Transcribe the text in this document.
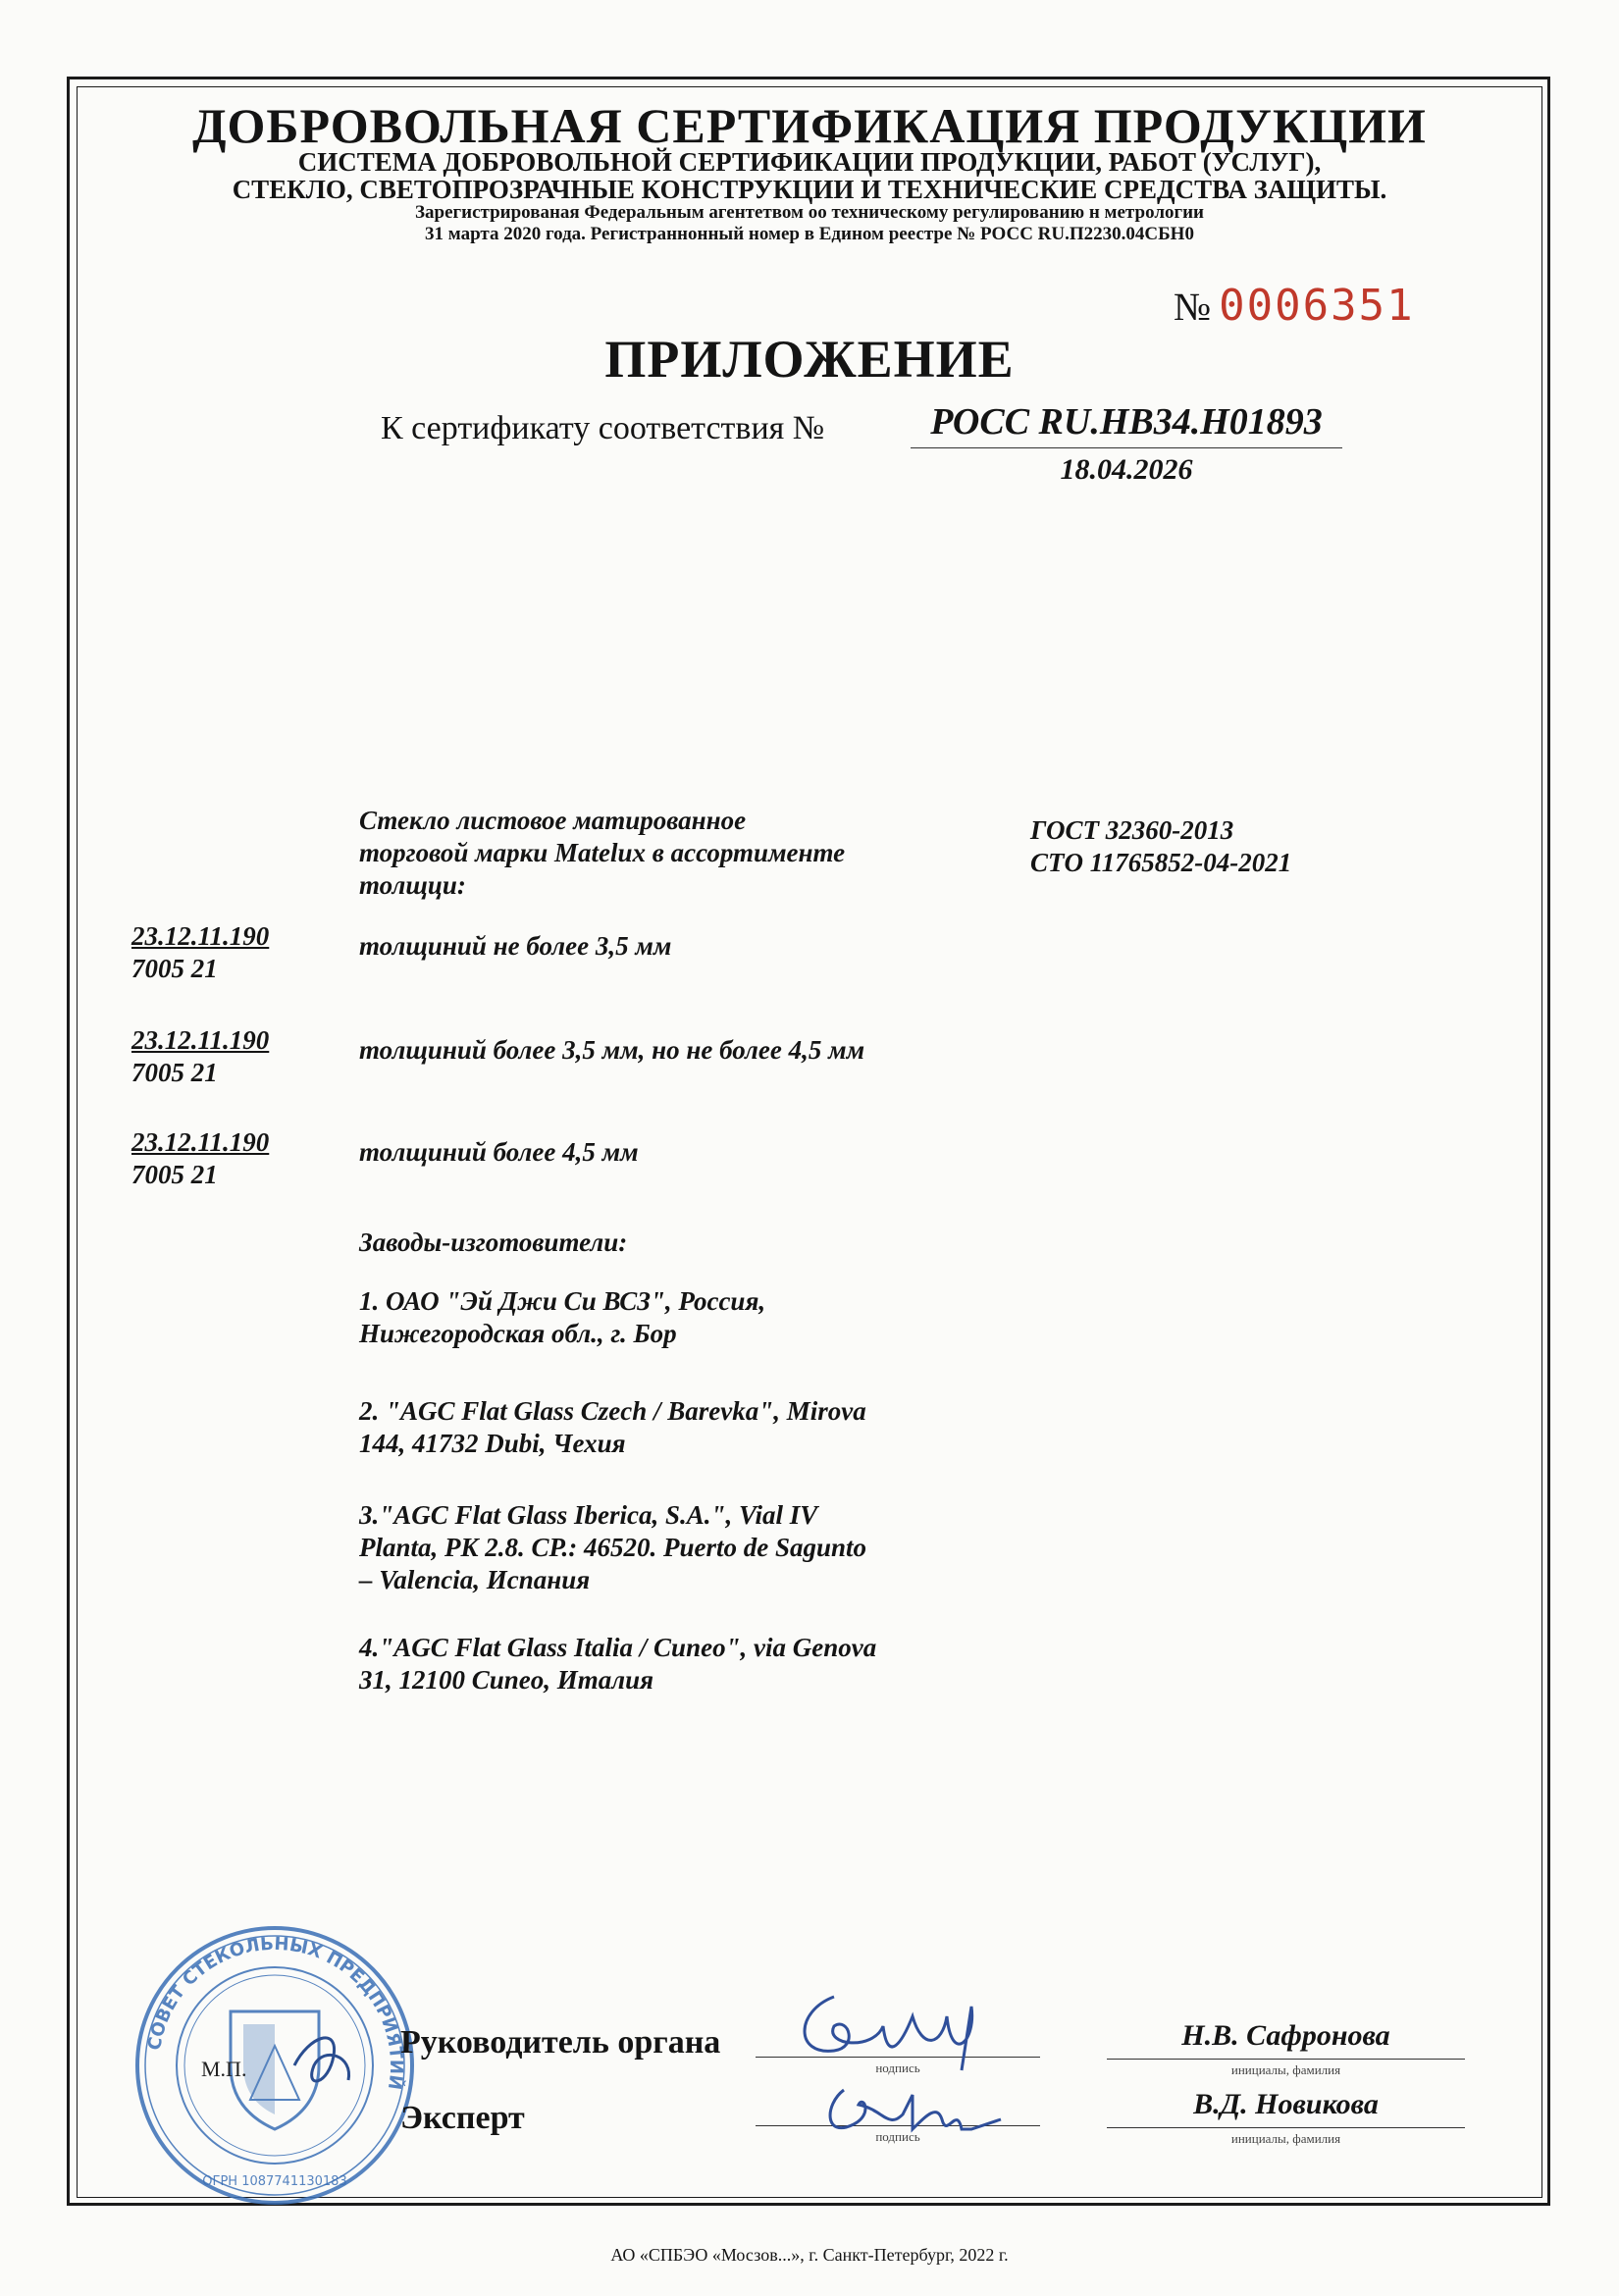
ДОБРОВОЛЬНАЯ СЕРТИФИКАЦИЯ ПРОДУКЦИИ
СИСТЕМА ДОБРОВОЛЬНОЙ СЕРТИФИКАЦИИ ПРОДУКЦИИ, РАБОТ (УСЛУГ),
СТЕКЛО, СВЕТОПРОЗРАЧНЫЕ КОНСТРУКЦИИ И ТЕХНИЧЕСКИЕ СРЕДСТВА ЗАЩИТЫ.
Зарегистрированая Федеральным агентетвом оо техническому регулированию н метрологии
31 марта 2020 года. Регистраннонный номер в Едином реестре № РОСС RU.П2230.04СБН0
№ 0006351
ПРИЛОЖЕНИЕ
К сертификату соответствия №	РОСС RU.НВ34.Н01893
18.04.2026
Стекло листовое матированное
торговой марки Matelux в ассортименте
толщци:
ГОСТ 32360-2013
СТО 11765852-04-2021
23.12.11.190
7005 21
толщиний не более 3,5 мм
23.12.11.190
7005 21
толщиний более 3,5 мм, но не более 4,5 мм
23.12.11.190
7005 21
толщиний более 4,5 мм
Заводы-изготовители:
1. ОАО "Эй Джи Си ВСЗ", Россия,
Нижегородская обл., г. Бор
2. "AGC Flat Glass Czech / Barevka", Mirova
144, 41732 Dubi, Чехия
3."AGC Flat Glass Iberica, S.A.", Vial IV
Planta, PK 2.8. CP.: 46520. Puerto de Sagunto
– Valencia, Испания
4."AGC Flat Glass Italia / Cuneo", via Genova
31, 12100 Cuneo, Италия
СОВЕТ СТЕКОЛЬНЫХ ПРЕДПРИЯТИЙ
ОГРН 1087741130183
М.П.
Руководитель органа
Эксперт
нодпись
подпись
Н.В. Сафронова
инициалы, фамилия
В.Д. Новикова
инициалы, фамилия
АО «СПБЭО «Мосзов...», г. Санкт-Петербург, 2022 г.
